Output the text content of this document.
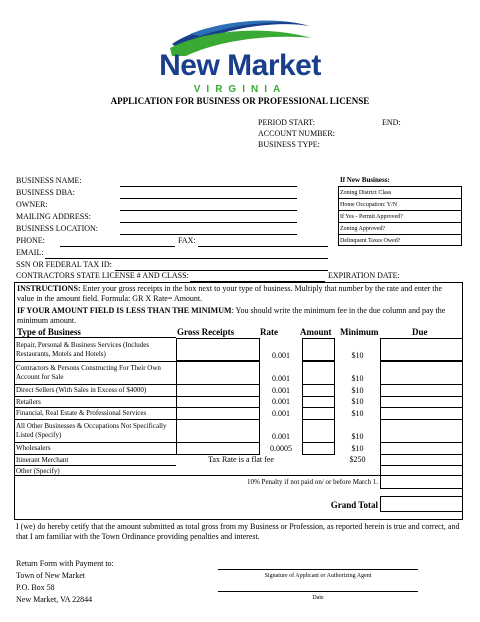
New Market
VIRGINIA
APPLICATION FOR BUSINESS OR PROFESSIONAL LICENSE
PERIOD START:	END:
ACCOUNT NUMBER:
BUSINESS TYPE:
BUSINESS NAME:
BUSINESS DBA:
OWNER:
MAILING ADDRESS:
BUSINESS LOCATION:
PHONE:	FAX:
EMAIL:
SSN OR FEDERAL TAX ID:
CONTRACTORS STATE LICENSE # AND CLASS:	EXPIRATION DATE:
If New Business:
Zoning District Class
Home Occupation: Y/N
If Yes - Permit Approved?
Zoning Approved?
Delinquent Taxes Owed?
INSTRUCTIONS: Enter your gross receipts in the box next to your type of business. Multiply that number by the rate and enter the value in the amount field. Formula: GR X Rate= Amount.
IF YOUR AMOUNT FIELD IS LESS THAN THE MINIMUM: You should write the minimum fee in the due column and pay the minimum amount.
Type of Business	Gross Receipts	Rate Amount Minimum	Due
Repair, Personal & Business Services (Includes Restaurants, Motels and Hotels)	0.001	$10
Contractors & Persons Constructing For Their Own Account for Sale	0.001	$10
Direct Sellers (With Sales in Excess of $4000)	0.001	$10
Retailers	0.001	$10
Financial, Real Estate & Professional Services	0.001	$10
All Other Businesses & Occupations Not Specifically Listed (Specify)	0.001	$10
Wholesalers	0.0005	$10
Itinerant Merchant	Tax Rate is a flat fee	$250
Other (Specify)
10% Penalty if not paid on/ or before March 1.
Grand Total
I (we) do hereby cetify that the amount submitted as total gross from my Business or Profession, as reported herein is true and correct, and that I am familiar with the Town Ordinance providing penalties and interest.
Return Form with Payment to:
Town of New Market
P.O. Box 58
New Market, VA 22844
Signature of Applicant or Authorizing Agent
Date
